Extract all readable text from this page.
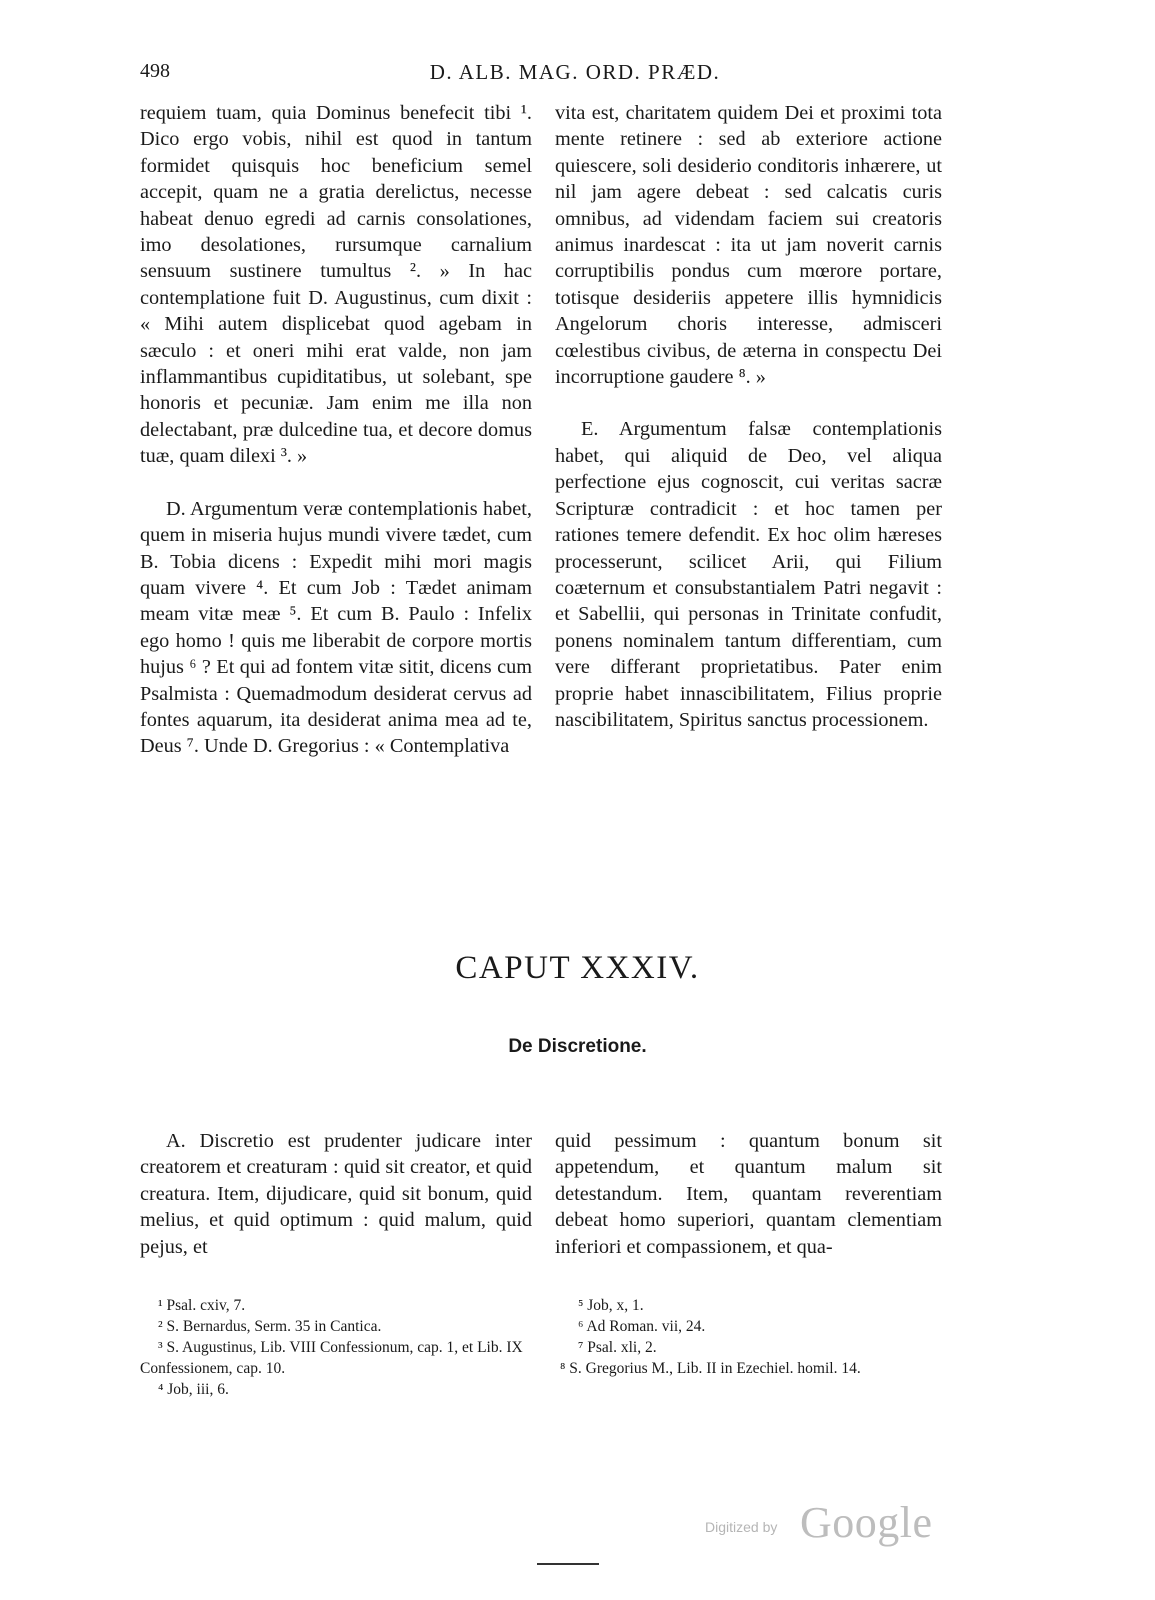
498	D. ALB. MAG. ORD. PRÆD.

requiem tuam, quia Dominus benefecit tibi ¹. Dico ergo vobis, nihil est quod in tantum formidet quisquis hoc beneficium semel accepit, quam ne a gratia derelictus, necesse habeat denuo egredi ad carnis consolationes, imo desolationes, rursumque carnalium sensuum sustinere tumultus ². » In hac contemplatione fuit D. Augustinus, cum dixit : « Mihi autem displicebat quod agebam in sæculo : et oneri mihi erat valde, non jam inflammantibus cupiditatibus, ut solebant, spe honoris et pecuniæ. Jam enim me illa non delectabant, præ dulcedine tua, et decore domus tuæ, quam dilexi ³. »

D. Argumentum veræ contemplationis habet, quem in miseria hujus mundi vivere tædet, cum B. Tobia dicens : Expedit mihi mori magis quam vivere ⁴. Et cum Job : Tædet animam meam vitæ meæ ⁵. Et cum B. Paulo : Infelix ego homo ! quis me liberabit de corpore mortis hujus ⁶ ? Et qui ad fontem vitæ sitit, dicens cum Psalmista : Quemadmodum desiderat cervus ad fontes aquarum, ita desiderat anima mea ad te, Deus ⁷. Unde D. Gregorius : « Contemplativa

vita est, charitatem quidem Dei et proximi tota mente retinere : sed ab exteriore actione quiescere, soli desiderio conditoris inhærere, ut nil jam agere debeat : sed calcatis curis omnibus, ad videndam faciem sui creatoris animus inardescat : ita ut jam noverit carnis corruptibilis pondus cum mœrore portare, totisque desideriis appetere illis hymnidicis Angelorum choris interesse, admisceri cœlestibus civibus, de æterna in conspectu Dei incorruptione gaudere ⁸. »

E. Argumentum falsæ contemplationis habet, qui aliquid de Deo, vel aliqua perfectione ejus cognoscit, cui veritas sacræ Scripturæ contradicit : et hoc tamen per rationes temere defendit. Ex hoc olim hæreses processerunt, scilicet Arii, qui Filium coæternum et consubstantialem Patri negavit : et Sabellii, qui personas in Trinitate confudit, ponens nominalem tantum differentiam, cum vere differant proprietatibus. Pater enim proprie habet innascibilitatem, Filius proprie nascibilitatem, Spiritus sanctus processionem.

CAPUT XXXIV.
De Discretione.

A. Discretio est prudenter judicare inter creatorem et creaturam : quid sit creator, et quid creatura. Item, dijudicare, quid sit bonum, quid melius, et quid optimum : quid malum, quid pejus, et

quid pessimum : quantum bonum sit appetendum, et quantum malum sit detestandum. Item, quantam reverentiam debeat homo superiori, quantam clementiam inferiori et compassionem, et qua-

¹ Psal. cxiv, 7.

² S. Bernardus, Serm. 35 in Cantica.

³ S. Augustinus, Lib. VIII Confessionum, cap. 1, et Lib. IX Confessionem, cap. 10.

⁴ Job, iii, 6.

⁵ Job, x, 1.

⁶ Ad Roman. vii, 24.

⁷ Psal. xli, 2.

⁸ S. Gregorius M., Lib. II in Ezechiel. homil. 14.

Digitized by Google
